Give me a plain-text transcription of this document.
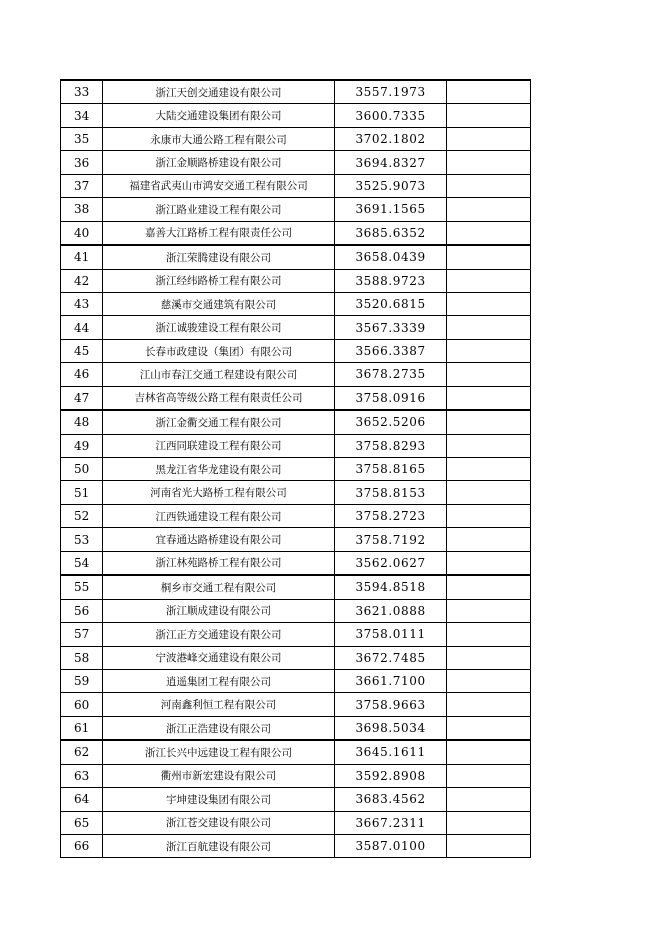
33	浙江天创交通建设有限公司	3557.1973	
34	大陆交通建设集团有限公司	3600.7335	
35	永康市大通公路工程有限公司	3702.1802	
36	浙江金顺路桥建设有限公司	3694.8327	
37	福建省武夷山市鸿安交通工程有限公司	3525.9073	
38	浙江路业建设工程有限公司	3691.1565	
40	嘉善大江路桥工程有限责任公司	3685.6352	
41	浙江荣腾建设有限公司	3658.0439	
42	浙江经纬路桥工程有限公司	3588.9723	
43	慈溪市交通建筑有限公司	3520.6815	
44	浙江诚骏建设工程有限公司	3567.3339	
45	长春市政建设（集团）有限公司	3566.3387	
46	江山市春江交通工程建设有限公司	3678.2735	
47	吉林省高等级公路工程有限责任公司	3758.0916	
48	浙江金衢交通工程有限公司	3652.5206	
49	江西同联建设工程有限公司	3758.8293	
50	黑龙江省华龙建设有限公司	3758.8165	
51	河南省光大路桥工程有限公司	3758.8153	
52	江西铁通建设工程有限公司	3758.2723	
53	宜春通达路桥建设有限公司	3758.7192	
54	浙江林苑路桥工程有限公司	3562.0627	
55	桐乡市交通工程有限公司	3594.8518	
56	浙江顺成建设有限公司	3621.0888	
57	浙江正方交通建设有限公司	3758.0111	
58	宁波港峰交通建设有限公司	3672.7485	
59	逍遥集团工程有限公司	3661.7100	
60	河南鑫利恒工程有限公司	3758.9663	
61	浙江正浩建设有限公司	3698.5034	
62	浙江长兴中远建设工程有限公司	3645.1611	
63	衢州市新宏建设有限公司	3592.8908	
64	宇坤建设集团有限公司	3683.4562	
65	浙江苍交建设有限公司	3667.2311	
66	浙江百航建设有限公司	3587.0100	
